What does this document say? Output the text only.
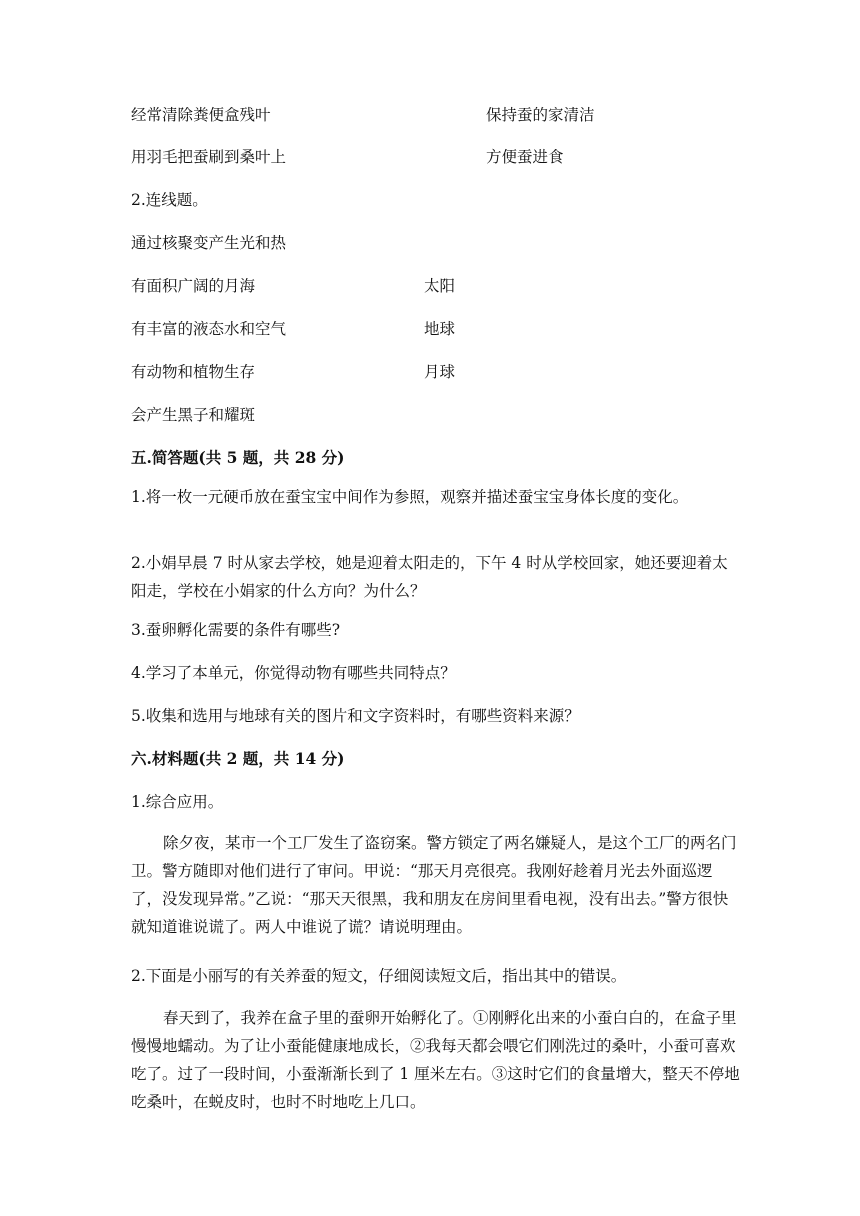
经常清除粪便盒残叶	保持蚕的家清洁
用羽毛把蚕刷到桑叶上	方便蚕进食
2.连线题。
通过核聚变产生光和热
有面积广阔的月海	太阳
有丰富的液态水和空气	地球
有动物和植物生存	月球
会产生黑子和耀斑
五.简答题(共 5 题，共 28 分)
1.将一枚一元硬币放在蚕宝宝中间作为参照，观察并描述蚕宝宝身体长度的变化。
2.小娟早晨 7 时从家去学校，她是迎着太阳走的，下午 4 时从学校回家，她还要迎着太阳走，学校在小娟家的什么方向？为什么？
3.蚕卵孵化需要的条件有哪些?
4.学习了本单元，你觉得动物有哪些共同特点？
5.收集和选用与地球有关的图片和文字资料时，有哪些资料来源？
六.材料题(共 2 题，共 14 分)
1.综合应用。
除夕夜，某市一个工厂发生了盗窃案。警方锁定了两名嫌疑人，是这个工厂的两名门卫。警方随即对他们进行了审问。甲说：“那天月亮很亮。我刚好趁着月光去外面巡逻了，没发现异常。”乙说：“那天天很黑，我和朋友在房间里看电视，没有出去。”警方很快就知道谁说谎了。两人中谁说了谎？请说明理由。
2.下面是小丽写的有关养蚕的短文，仔细阅读短文后，指出其中的错误。
春天到了，我养在盒子里的蚕卵开始孵化了。①刚孵化出来的小蚕白白的，在盒子里慢慢地蠕动。为了让小蚕能健康地成长，②我每天都会喂它们刚洗过的桑叶，小蚕可喜欢吃了。过了一段时间，小蚕渐渐长到了 1 厘米左右。③这时它们的食量增大，整天不停地吃桑叶，在蜕皮时，也时不时地吃上几口。
